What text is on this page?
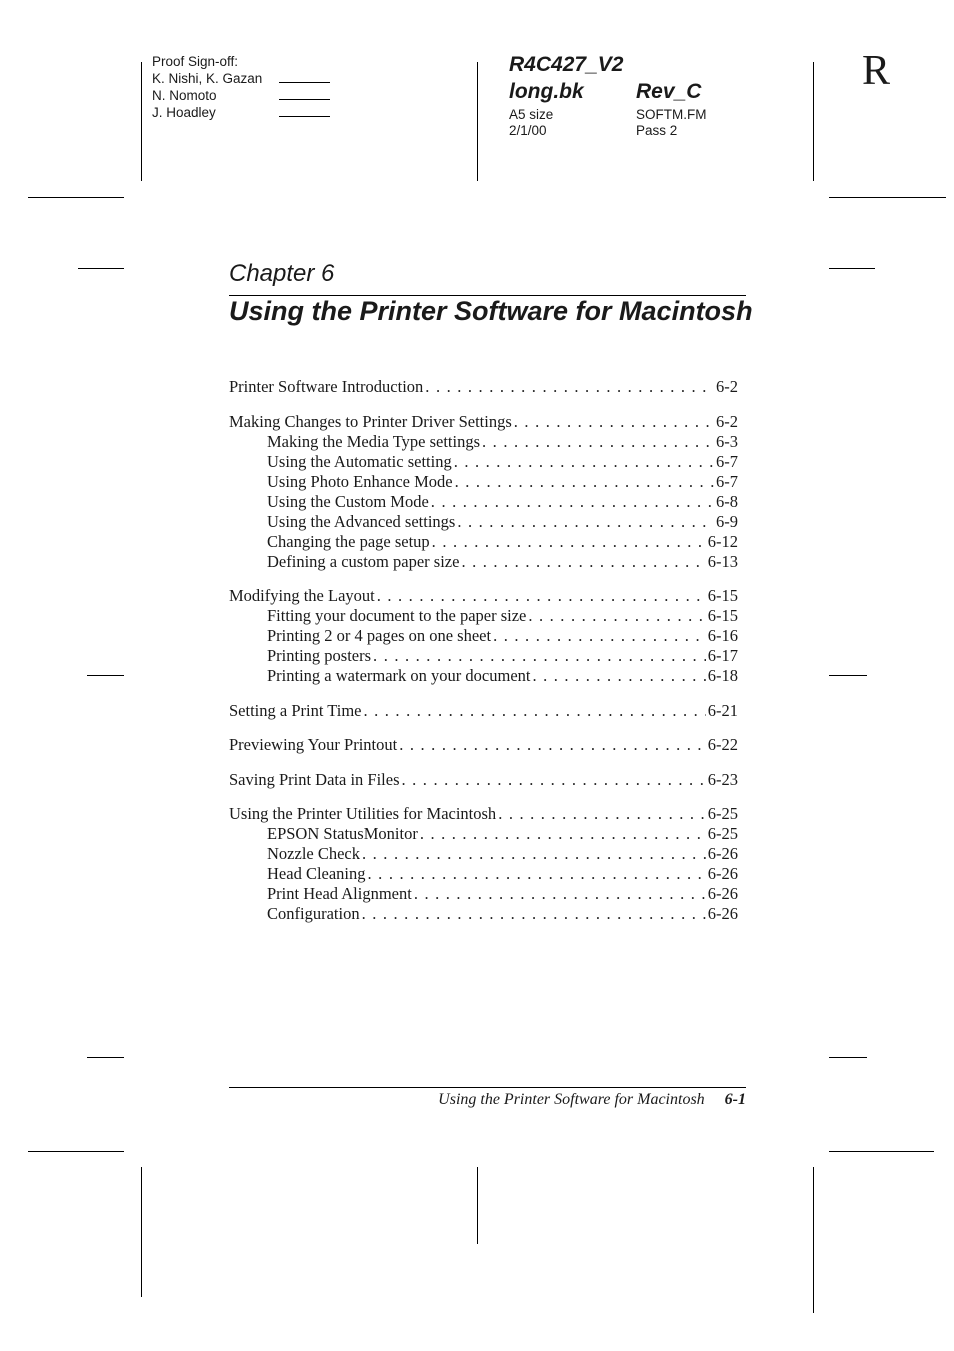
Proof Sign-off:
K. Nishi, K. Gazan
N. Nomoto
J. Hoadley
R4C427_V2
long.bk Rev_C
A5 size	SOFTM.FM
2/1/00	Pass 2
R
Chapter 6
Using the Printer Software for Macintosh
Printer Software Introduction . . .	6-2
Making Changes to Printer Driver Settings . . .	6-2
Making the Media Type settings . . .	6-3
Using the Automatic setting . . .	6-7
Using Photo Enhance Mode . . .	6-7
Using the Custom Mode . . .	6-8
Using the Advanced settings . . .	6-9
Changing the page setup . . .	6-12
Defining a custom paper size . . .	6-13
Modifying the Layout . . .	6-15
Fitting your document to the paper size . . .	6-15
Printing 2 or 4 pages on one sheet . . .	6-16
Printing posters . . .	6-17
Printing a watermark on your document . . .	6-18
Setting a Print Time . . .	6-21
Previewing Your Printout . . .	6-22
Saving Print Data in Files . . .	6-23
Using the Printer Utilities for Macintosh . . .	6-25
EPSON StatusMonitor . . .	6-25
Nozzle Check . . .	6-26
Head Cleaning . . .	6-26
Print Head Alignment . . .	6-26
Configuration . . .	6-26
Using the Printer Software for Macintosh 6-1
